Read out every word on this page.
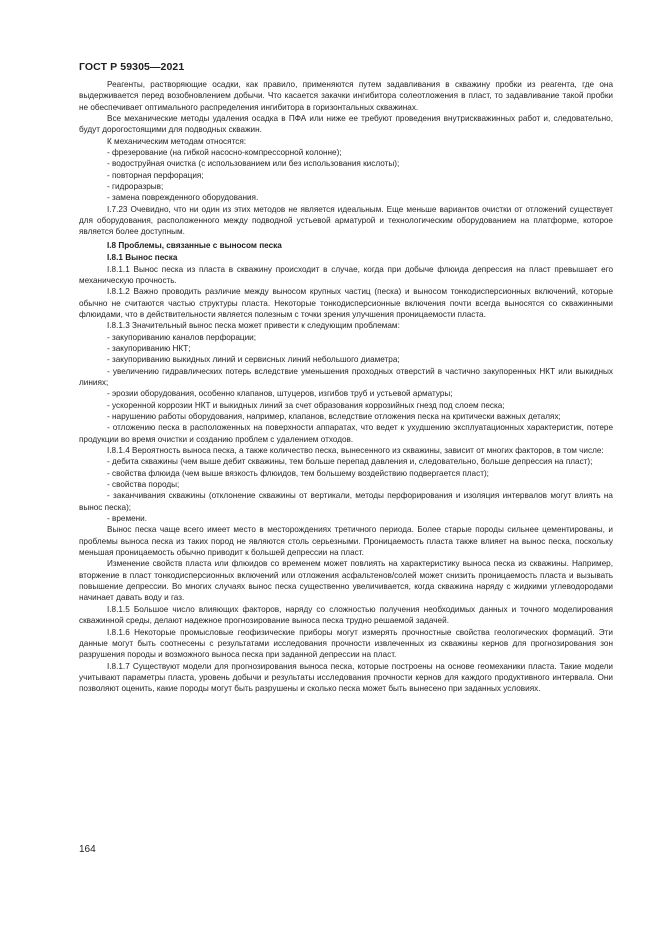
ГОСТ Р 59305—2021

Реагенты, растворяющие осадки, как правило, применяются путем задавливания в скважину пробки из реагента, где она выдерживается перед возобновлением добычи. Что касается закачки ингибитора солеотложения в пласт, то задавливание такой пробки не обеспечивает оптимального распределения ингибитора в горизонтальных скважинах.

Все механические методы удаления осадка в ПФА или ниже ее требуют проведения внутрискважинных работ и, следовательно, будут дорогостоящими для подводных скважин.

К механическим методам относятся:

- фрезерование (на гибкой насосно-компрессорной колонне);

- водоструйная очистка (с использованием или без использования кислоты);

- повторная перфорация;

- гидроразрыв;

- замена поврежденного оборудования.

I.7.23 Очевидно, что ни один из этих методов не является идеальным. Еще меньше вариантов очистки от отложений существует для оборудования, расположенного между подводной устьевой арматурой и технологическим оборудованием на платформе, которое является более доступным.

I.8 Проблемы, связанные с выносом песка

I.8.1 Вынос песка

I.8.1.1 Вынос песка из пласта в скважину происходит в случае, когда при добыче флюида депрессия на пласт превышает его механическую прочность.

I.8.1.2 Важно проводить различие между выносом крупных частиц (песка) и выносом тонкодисперсионных включений, которые обычно не считаются частью структуры пласта. Некоторые тонкодисперсионные включения почти всегда выносятся со скважинными флюидами, что в действительности является полезным с точки зрения улучшения проницаемости пласта.

I.8.1.3 Значительный вынос песка может привести к следующим проблемам:

- закупориванию каналов перфорации;

- закупориванию НКТ;

- закупориванию выкидных линий и сервисных линий небольшого диаметра;

- увеличению гидравлических потерь вследствие уменьшения проходных отверстий в частично закупоренных НКТ или выкидных линиях;

- эрозии оборудования, особенно клапанов, штуцеров, изгибов труб и устьевой арматуры;

- ускоренной коррозии НКТ и выкидных линий за счет образования коррозийных гнезд под слоем песка;

- нарушению работы оборудования, например, клапанов, вследствие отложения песка на критически важных деталях;

- отложению песка в расположенных на поверхности аппаратах, что ведет к ухудшению эксплуатационных характеристик, потере продукции во время очистки и созданию проблем с удалением отходов.

I.8.1.4 Вероятность выноса песка, а также количество песка, вынесенного из скважины, зависит от многих факторов, в том числе:

- дебита скважины (чем выше дебит скважины, тем больше перепад давления и, следовательно, больше депрессия на пласт);

- свойства флюида (чем выше вязкость флюидов, тем большему воздействию подвергается пласт);

- свойства породы;

- заканчивания скважины (отклонение скважины от вертикали, методы перфорирования и изоляция интервалов могут влиять на вынос песка);

- времени.

Вынос песка чаще всего имеет место в месторождениях третичного периода. Более старые породы сильнее цементированы, и проблемы выноса песка из таких пород не являются столь серьезными. Проницаемость пласта также влияет на вынос песка, поскольку меньшая проницаемость обычно приводит к большей депрессии на пласт.

Изменение свойств пласта или флюидов со временем может повлиять на характеристику выноса песка из скважины. Например, вторжение в пласт тонкодисперсионных включений или отложения асфальтенов/солей может снизить проницаемость пласта и вызывать повышение депрессии. Во многих случаях вынос песка существенно увеличивается, когда скважина наряду с жидкими углеводородами начинает давать воду и газ.

I.8.1.5 Большое число влияющих факторов, наряду со сложностью получения необходимых данных и точного моделирования скважинной среды, делают надежное прогнозирование выноса песка трудно решаемой задачей.

I.8.1.6 Некоторые промысловые геофизические приборы могут измерять прочностные свойства геологических формаций. Эти данные могут быть соотнесены с результатами исследования прочности извлеченных из скважины кернов для прогнозирования зон разрушения породы и возможного выноса песка при заданной депрессии на пласт.

I.8.1.7 Существуют модели для прогнозирования выноса песка, которые построены на основе геомеханики пласта. Такие модели учитывают параметры пласта, уровень добычи и результаты исследования прочности кернов для каждого продуктивного интервала. Они позволяют оценить, какие породы могут быть разрушены и сколько песка может быть вынесено при заданных условиях.

164
